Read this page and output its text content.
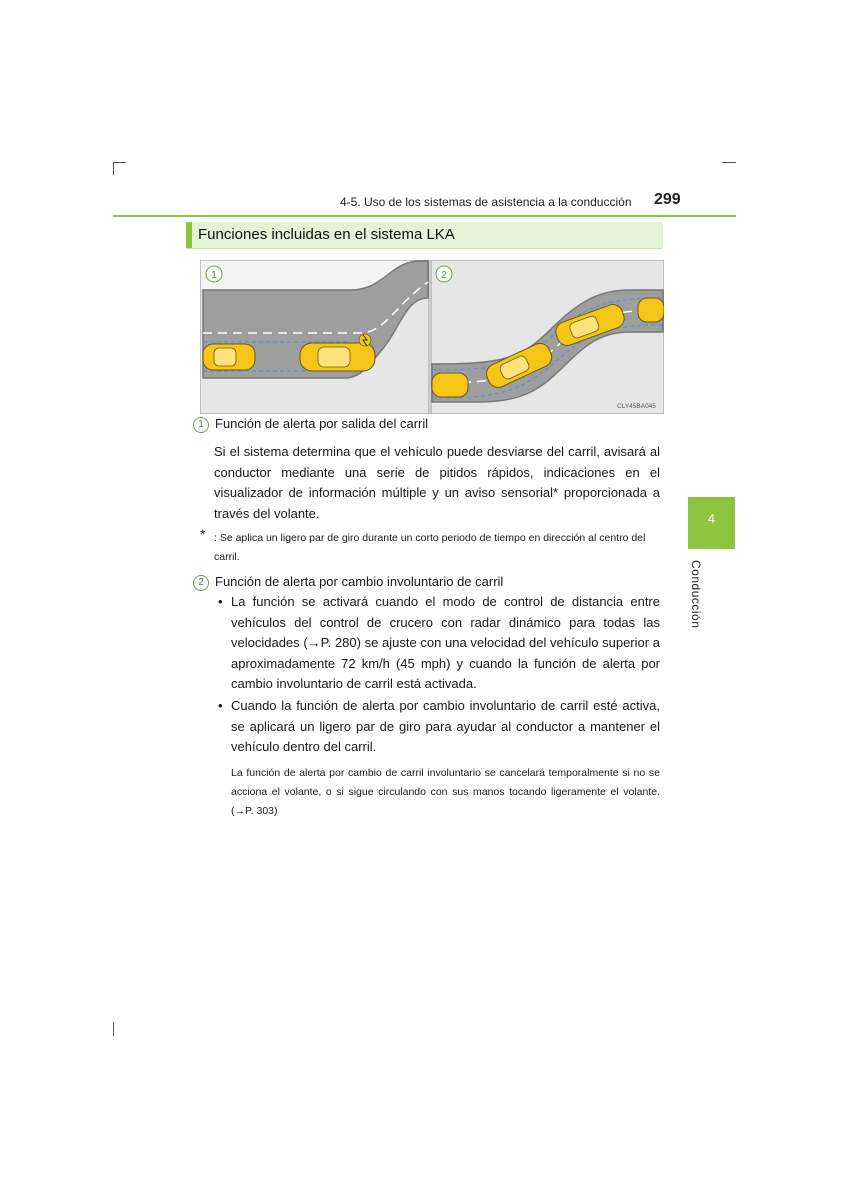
4-5. Uso de los sistemas de asistencia a la conducción 299
4
Conducción
Funciones incluidas en el sistema LKA
1	2
CLY45BA045
1 Función de alerta por salida del carril
Si el sistema determina que el vehículo puede desviarse del carril, avisará al conductor mediante una serie de pitidos rápidos, indicaciones en el visualizador de información múltiple y un aviso sensorial* proporcionada a través del volante.
* : Se aplica un ligero par de giro durante un corto periodo de tiempo en dirección al centro del carril.
2 Función de alerta por cambio involuntario de carril
• La función se activará cuando el modo de control de distancia entre vehículos del control de crucero con radar dinámico para todas las velocidades (→P. 280) se ajuste con una velocidad del vehículo superior a aproximadamente 72 km/h (45 mph) y cuando la función de alerta por cambio involuntario de carril está activada.
• Cuando la función de alerta por cambio involuntario de carril esté activa, se aplicará un ligero par de giro para ayudar al conductor a mantener el vehículo dentro del carril.
La función de alerta por cambio de carril involuntario se cancelará temporalmente si no se acciona el volante, o si sigue circulando con sus manos tocando ligeramente el volante. (→P. 303)
